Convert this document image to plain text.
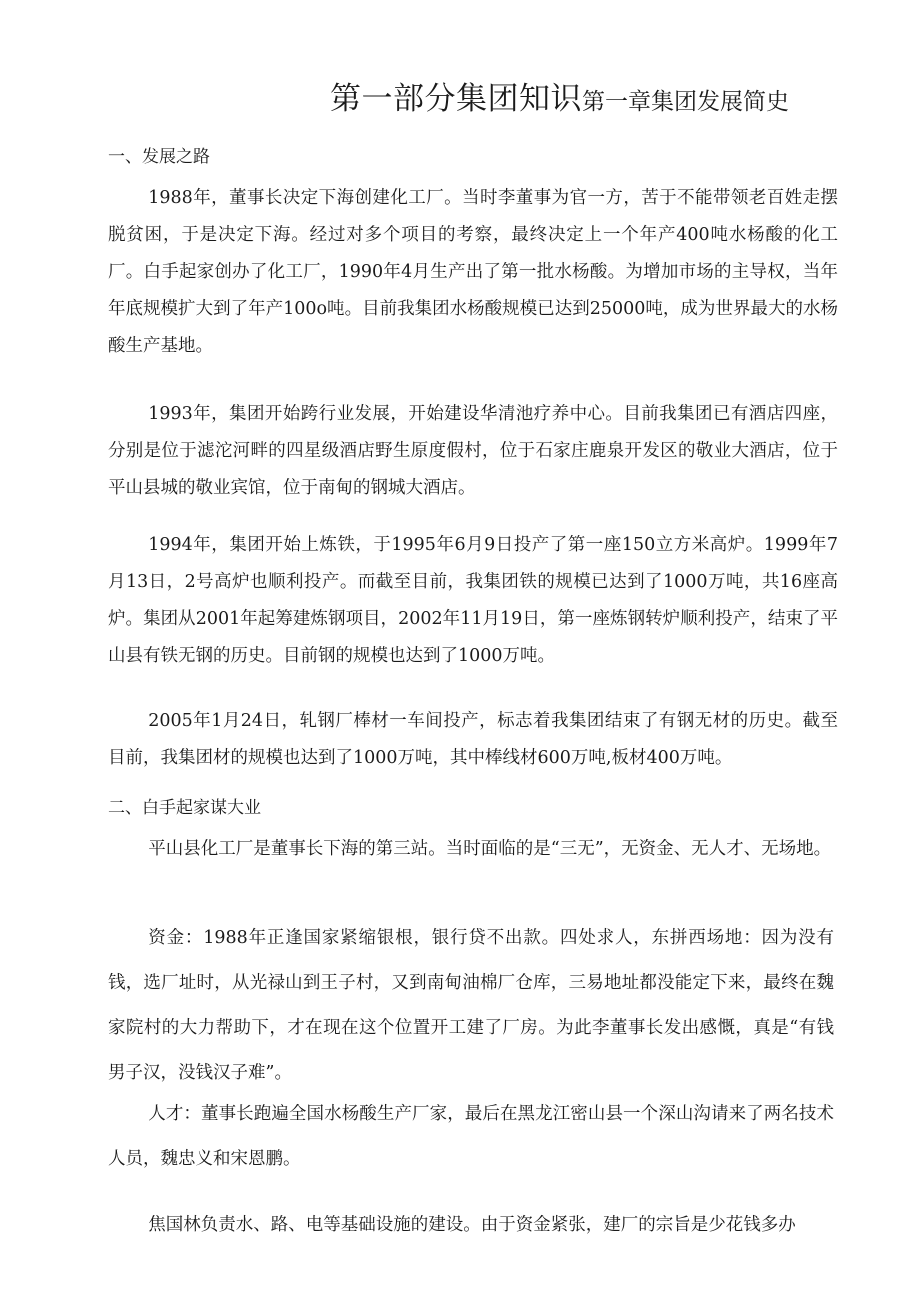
第一部分集团知识第一章集团发展简史
一、发展之路

1988年，董事长决定下海创建化工厂。当时李董事为官一方，苦于不能带领老百姓走摆脱贫困，于是决定下海。经过对多个项目的考察，最终决定上一个年产400吨水杨酸的化工厂。白手起家创办了化工厂，1990年4月生产出了第一批水杨酸。为增加市场的主导权，当年年底规模扩大到了年产100o吨。目前我集团水杨酸规模已达到25000吨，成为世界最大的水杨酸生产基地。

1993年，集团开始跨行业发展，开始建设华清池疗养中心。目前我集团已有酒店四座，分别是位于滤沱河畔的四星级酒店野生原度假村，位于石家庄鹿泉开发区的敬业大酒店，位于平山县城的敬业宾馆，位于南甸的钢城大酒店。

1994年，集团开始上炼铁，于1995年6月9日投产了第一座150立方米高炉。1999年7月13日，2号高炉也顺利投产。而截至目前，我集团铁的规模已达到了1000万吨，共16座高炉。集团从2001年起筹建炼钢项目，2002年11月19日，第一座炼钢转炉顺利投产，结束了平山县有铁无钢的历史。目前钢的规模也达到了1000万吨。

2005年1月24日，轧钢厂棒材一车间投产，标志着我集团结束了有钢无材的历史。截至目前，我集团材的规模也达到了1000万吨，其中棒线材600万吨,板材400万吨。

二、白手起家谋大业

平山县化工厂是董事长下海的第三站。当时面临的是“三无”，无资金、无人才、无场地。

资金：1988年正逢国家紧缩银根，银行贷不出款。四处求人，东拼西场地：因为没有钱，选厂址时，从光禄山到王子村，又到南甸油棉厂仓库，三易地址都没能定下来，最终在魏家院村的大力帮助下，才在现在这个位置开工建了厂房。为此李董事长发出感慨，真是“有钱男子汉，没钱汉子难”。

人才：董事长跑遍全国水杨酸生产厂家，最后在黑龙江密山县一个深山沟请来了两名技术人员，魏忠义和宋恩鹏。

焦国林负责水、路、电等基础设施的建设。由于资金紧张，建厂的宗旨是少花钱多办
